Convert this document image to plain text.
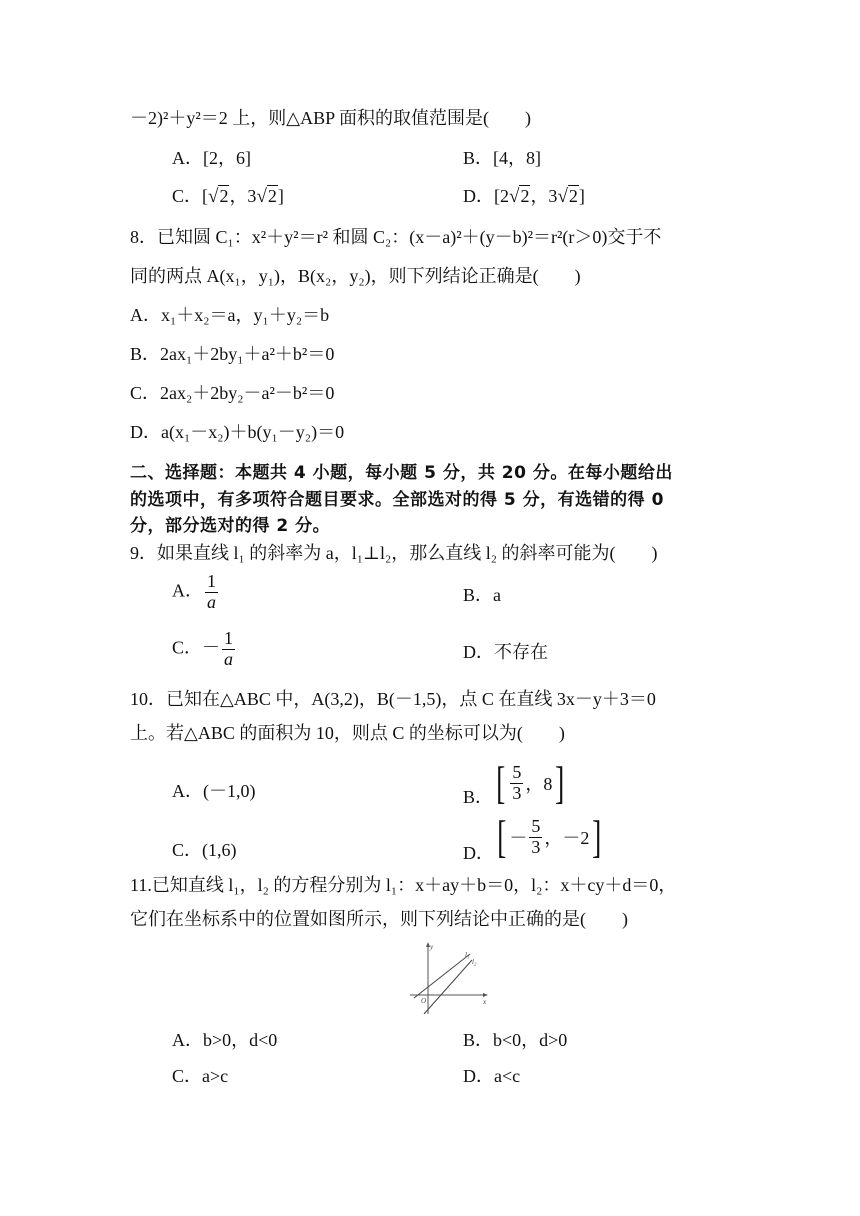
－2)²＋y²＝2 上，则△ABP 面积的取值范围是(　　)
A．[2，6]	B．[4，8]
C．[√2，3√2]	D．[2√2，3√2]
8．已知圆 C₁：x²＋y²＝r² 和圆 C₂：(x－a)²＋(y－b)²＝r²(r＞0)交于不
同的两点 A(x₁，y₁)，B(x₂，y₂)，则下列结论正确是(　　)
A．x₁＋x₂＝a，y₁＋y₂＝b
B．2ax₁＋2by₁＋a²＋b²＝0
C．2ax₂＋2by₂－a²－b²＝0
D．a(x₁－x₂)＋b(y₁－y₂)＝0
二、选择题：本题共 4 小题，每小题 5 分，共 20 分。在每小题给出
的选项中，有多项符合题目要求。全部选对的得 5 分，有选错的得 0
分，部分选对的得 2 分。
9．如果直线 l₁ 的斜率为 a，l₁⊥l₂，那么直线 l₂ 的斜率可能为(　　)
A． $\frac{1}{a}$	B．a
C．－ $\frac{1}{a}$	D．不存在
10．已知在△ABC 中，A(3,2)，B(－1,5)，点 C 在直线 3x－y＋3＝0
上。若△ABC 的面积为 10，则点 C 的坐标可以为(　　)
A．(－1,0)	B． [ $\frac{5}{3}$ ，8 ]
C．(1,6)	D． [ － $\frac{5}{3}$ ，－2 ]
11.已知直线 l₁，l₂ 的方程分别为 l₁：x＋ay＋b＝0，l₂：x＋cy＋d＝0，
它们在坐标系中的位置如图所示，则下列结论中正确的是(　　)
y
x
O
l₁
l₂
A．b>0，d<0	B．b<0，d>0
C．a>c	D．a<c
